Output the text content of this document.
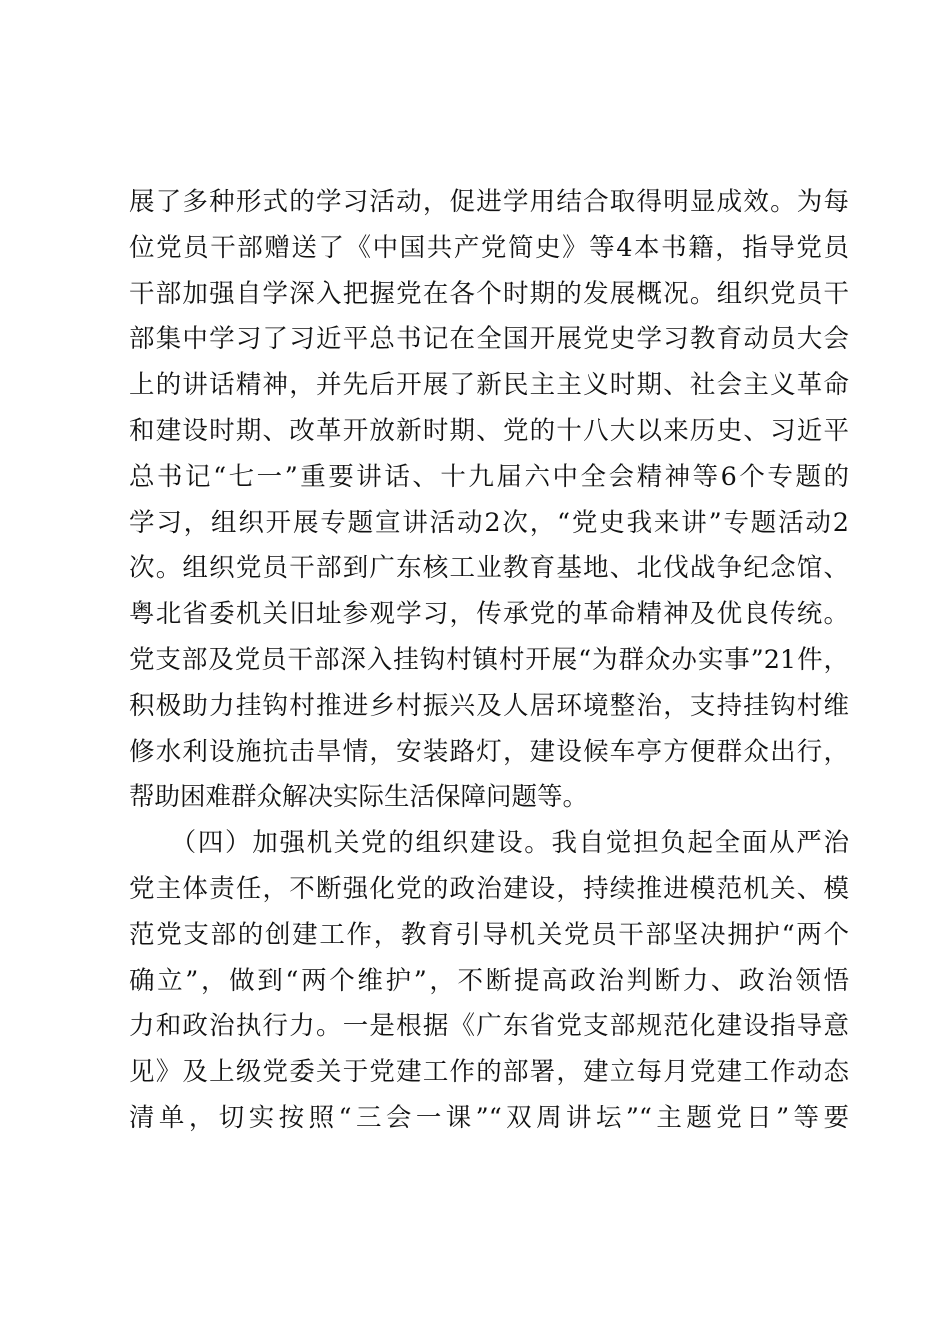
展了多种形式的学习活动，促进学用结合取得明显成效。为每
位党员干部赠送了《中国共产党简史》等4本书籍，指导党员
干部加强自学深入把握党在各个时期的发展概况。组织党员干
部集中学习了习近平总书记在全国开展党史学习教育动员大会
上的讲话精神，并先后开展了新民主主义时期、社会主义革命
和建设时期、改革开放新时期、党的十八大以来历史、习近平
总书记“七一”重要讲话、十九届六中全会精神等6个专题的
学习，组织开展专题宣讲活动2次，“党史我来讲”专题活动2
次。组织党员干部到广东核工业教育基地、北伐战争纪念馆、
粤北省委机关旧址参观学习，传承党的革命精神及优良传统。
党支部及党员干部深入挂钩村镇村开展“为群众办实事”21件，
积极助力挂钩村推进乡村振兴及人居环境整治，支持挂钩村维
修水利设施抗击旱情，安装路灯，建设候车亭方便群众出行，
帮助困难群众解决实际生活保障问题等。
　　（四）加强机关党的组织建设。我自觉担负起全面从严治
党主体责任，不断强化党的政治建设，持续推进模范机关、模
范党支部的创建工作，教育引导机关党员干部坚决拥护“两个
确立”，做到“两个维护”，不断提高政治判断力、政治领悟
力和政治执行力。一是根据《广东省党支部规范化建设指导意
见》及上级党委关于党建工作的部署，建立每月党建工作动态
清单，切实按照“三会一课”“双周讲坛”“主题党日”等要
